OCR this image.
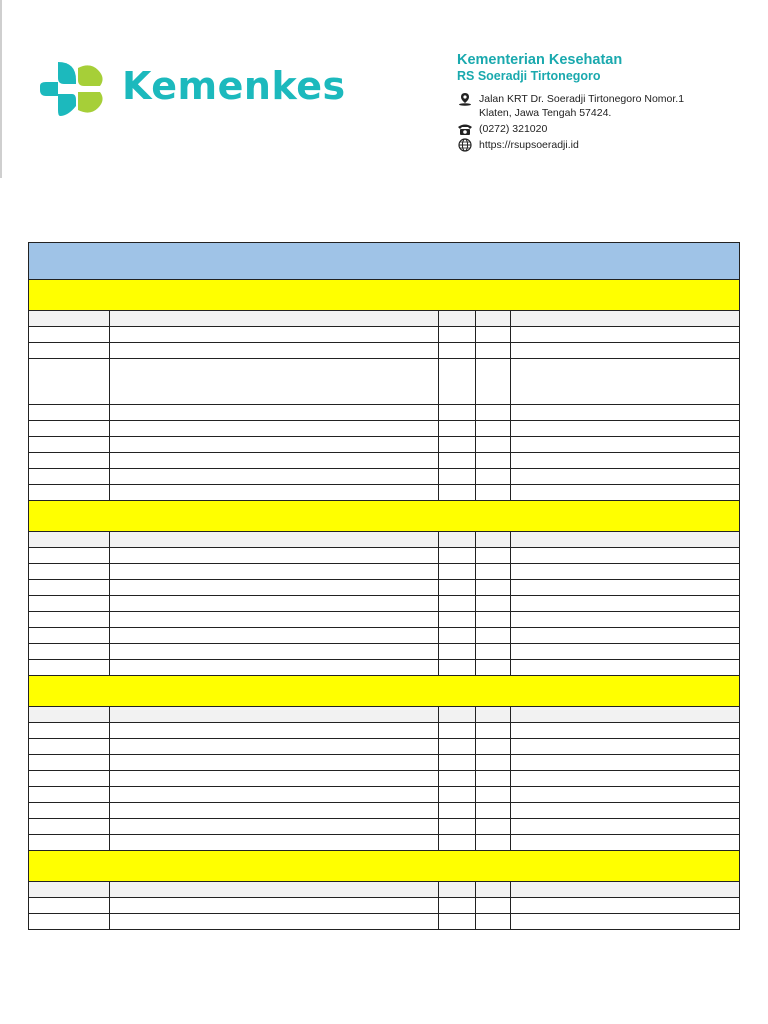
Kemenkes
Kementerian Kesehatan
RS Soeradji Tirtonegoro
Jalan KRT Dr. Soeradji Tirtonegoro Nomor.1
Klaten, Jawa Tengah 57424.
(0272) 321020
https://rsupsoeradji.id
